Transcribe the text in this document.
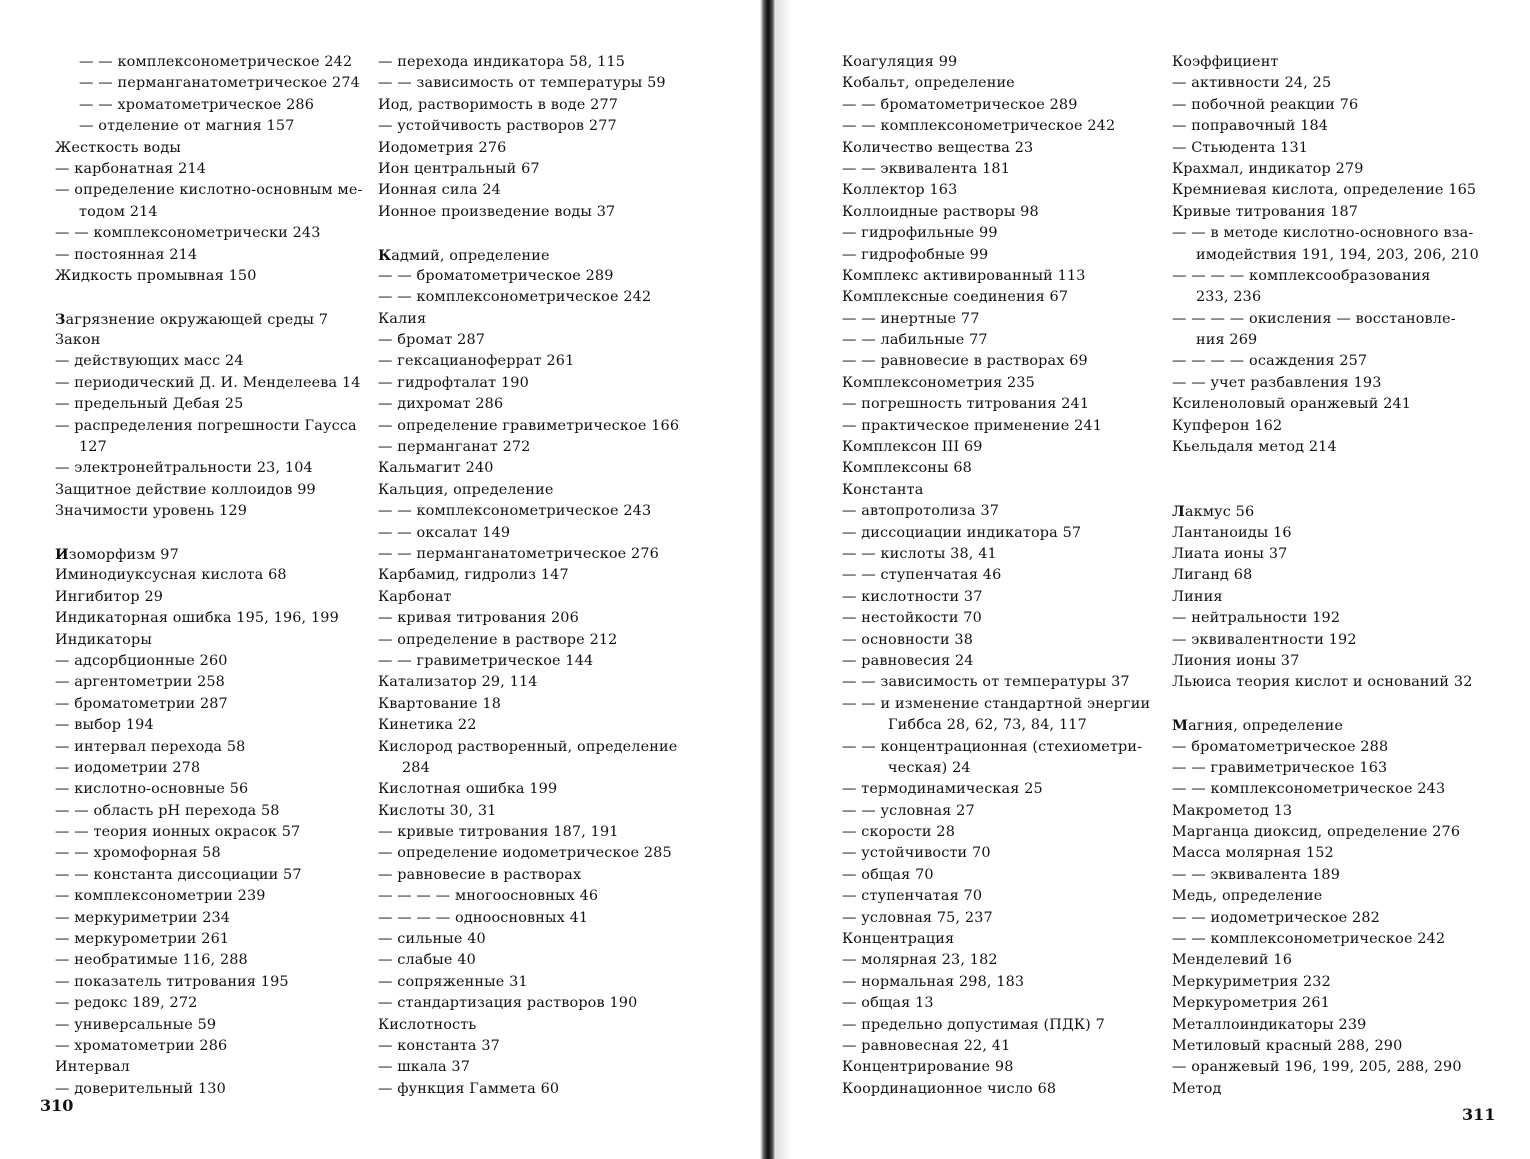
— — комплексонометрическое 242
— — перманганатометрическое 274
— — хроматометрическое 286
— отделение от магния 157
Жесткость воды
— карбонатная 214
— определение кислотно-основным ме-
тодом 214
— — комплексонометрически 243
— постоянная 214
Жидкость промывная 150
Загрязнение окружающей среды 7
Закон
— действующих масс 24
— периодический Д. И. Менделеева 14
— предельный Дебая 25
— распределения погрешности Гаусса
127
— электронейтральности 23, 104
Защитное действие коллоидов 99
Значимости уровень 129
Изоморфизм 97
Иминодиуксусная кислота 68
Ингибитор 29
Индикаторная ошибка 195, 196, 199
Индикаторы
— адсорбционные 260
— аргентометрии 258
— броматометрии 287
— выбор 194
— интервал перехода 58
— иодометрии 278
— кислотно-основные 56
— — область pH перехода 58
— — теория ионных окрасок 57
— — хромофорная 58
— — константа диссоциации 57
— комплексонометрии 239
— меркуриметрии 234
— меркурометрии 261
— необратимые 116, 288
— показатель титрования 195
— редокс 189, 272
— универсальные 59
— хроматометрии 286
Интервал
— доверительный 130
— перехода индикатора 58, 115
— — зависимость от температуры 59
Иод, растворимость в воде 277
— устойчивость растворов 277
Иодометрия 276
Ион центральный 67
Ионная сила 24
Ионное произведение воды 37
Кадмий, определение
— — броматометрическое 289
— — комплексонометрическое 242
Калия
— бромат 287
— гексацианоферрат 261
— гидрофталат 190
— дихромат 286
— определение гравиметрическое 166
— перманганат 272
Кальмагит 240
Кальция, определение
— — комплексонометрическое 243
— — оксалат 149
— — перманганатометрическое 276
Карбамид, гидролиз 147
Карбонат
— кривая титрования 206
— определение в растворе 212
— — гравиметрическое 144
Катализатор 29, 114
Квартование 18
Кинетика 22
Кислород растворенный, определение
284
Кислотная ошибка 199
Кислоты 30, 31
— кривые титрования 187, 191
— определение иодометрическое 285
— равновесие в растворах
— — — — многоосновных 46
— — — — одноосновных 41
— сильные 40
— слабые 40
— сопряженные 31
— стандартизация растворов 190
Кислотность
— константа 37
— шкала 37
— функция Гаммета 60
Коагуляция 99
Кобальт, определение
— — броматометрическое 289
— — комплексонометрическое 242
Количество вещества 23
— — эквивалента 181
Коллектор 163
Коллоидные растворы 98
— гидрофильные 99
— гидрофобные 99
Комплекс активированный 113
Комплексные соединения 67
— — инертные 77
— — лабильные 77
— — равновесие в растворах 69
Комплексонометрия 235
— погрешность титрования 241
— практическое применение 241
Комплексон III 69
Комплексоны 68
Константа
— автопротолиза 37
— диссоциации индикатора 57
— — кислоты 38, 41
— — ступенчатая 46
— кислотности 37
— нестойкости 70
— основности 38
— равновесия 24
— — зависимость от температуры 37
— — и изменение стандартной энергии
Гиббса 28, 62, 73, 84, 117
— — концентрационная (стехиометри-
ческая) 24
— термодинамическая 25
— — условная 27
— скорости 28
— устойчивости 70
— общая 70
— ступенчатая 70
— условная 75, 237
Концентрация
— молярная 23, 182
— нормальная 298, 183
— общая 13
— предельно допустимая (ПДК) 7
— равновесная 22, 41
Концентрирование 98
Координационное число 68
Коэффициент
— активности 24, 25
— побочной реакции 76
— поправочный 184
— Стьюдента 131
Крахмал, индикатор 279
Кремниевая кислота, определение 165
Кривые титрования 187
— — в методе кислотно-основного вза-
имодействия 191, 194, 203, 206, 210
— — — — комплексообразования
233, 236
— — — — окисления — восстановле-
ния 269
— — — — осаждения 257
— — учет разбавления 193
Ксиленоловый оранжевый 241
Купферон 162
Кьельдаля метод 214
Лакмус 56
Лантаноиды 16
Лиата ионы 37
Лиганд 68
Линия
— нейтральности 192
— эквивалентности 192
Лиония ионы 37
Льюиса теория кислот и оснований 32
Магния, определение
— броматометрическое 288
— — гравиметрическое 163
— — комплексонометрическое 243
Макрометод 13
Марганца диоксид, определение 276
Масса молярная 152
— — эквивалента 189
Медь, определение
— — иодометрическое 282
— — комплексонометрическое 242
Менделевий 16
Меркуриметрия 232
Меркурометрия 261
Металлоиндикаторы 239
Метиловый красный 288, 290
— оранжевый 196, 199, 205, 288, 290
Метод
310	311
